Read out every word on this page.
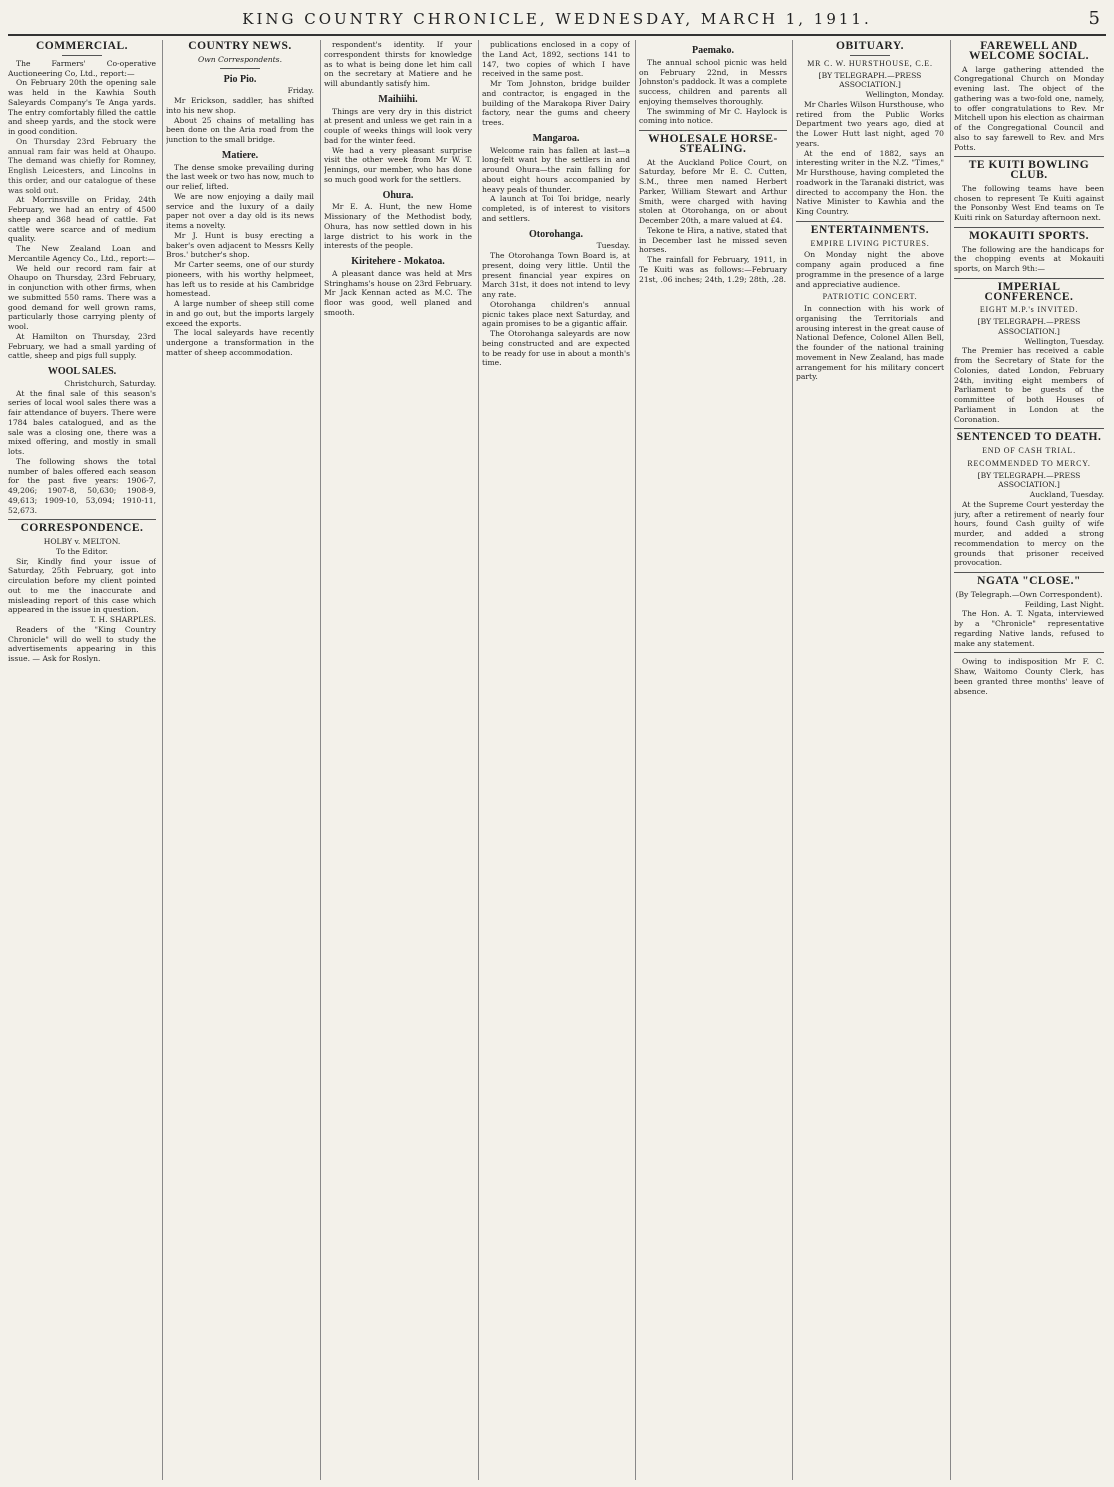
KING COUNTRY CHRONICLE, WEDNESDAY, MARCH 1, 1911.	5
COMMERCIAL.

The Farmers' Co-operative Auctioneering Co, Ltd., report:—

On February 20th the opening sale was held in the Kawhia South Saleyards Company's Te Anga yards. The entry comfortably filled the cattle and sheep yards, and the stock were in good condition.

On Thursday 23rd February the annual ram fair was held at Ohaupo. The demand was chiefly for Romney, English Leicesters, and Lincolns in this order, and our catalogue of these was sold out.

At Morrinsville on Friday, 24th February, we had an entry of 4500 sheep and 368 head of cattle. Fat cattle were scarce and of medium quality.

The New Zealand Loan and Mercantile Agency Co., Ltd., report:—

We held our record ram fair at Ohaupo on Thursday, 23rd February, in conjunction with other firms, when we submitted 550 rams. There was a good demand for well grown rams, particularly those carrying plenty of wool.

At Hamilton on Thursday, 23rd February, we had a small yarding of cattle, sheep and pigs full supply.

WOOL SALES.
Christchurch, Saturday.

At the final sale of this season's series of local wool sales there was a fair attendance of buyers. There were 1784 bales catalogued, and as the sale was a closing one, there was a mixed offering, and mostly in small lots.

The following shows the total number of bales offered each season for the past five years: 1906-7, 49,206; 1907-8, 50,630; 1908-9, 49,613; 1909-10, 53,094; 1910-11, 52,673.

CORRESPONDENCE.
HOLBY v. MELTON.
To the Editor.

Sir, Kindly find your issue of Saturday, 25th February, got into circulation before my client pointed out to me the inaccurate and misleading report of this case which appeared in the issue in question.

T. H. SHARPLES.

Readers of the "King Country Chronicle" will do well to study the advertisements appearing in this issue. — Ask for Roslyn.

COUNTRY NEWS.
Own Correspondents.
Pio Pio.
Friday.

Mr Erickson, saddler, has shifted into his new shop.

About 25 chains of metalling has been done on the Aria road from the junction to the small bridge.

Matiere.

The dense smoke prevailing during the last week or two has now, much to our relief, lifted.

We are now enjoying a daily mail service and the luxury of a daily paper not over a day old is its news items a novelty.

Mr J. Hunt is busy erecting a baker's oven adjacent to Messrs Kelly Bros.' butcher's shop.

Mr Carter seems, one of our sturdy pioneers, with his worthy helpmeet, has left us to reside at his Cambridge homestead.

A large number of sheep still come in and go out, but the imports largely exceed the exports.

The local saleyards have recently undergone a transformation in the matter of sheep accommodation.

respondent's identity. If your correspondent thirsts for knowledge as to what is being done let him call on the secretary at Matiere and he will abundantly satisfy him.

Maihiihi.

Things are very dry in this district at present and unless we get rain in a couple of weeks things will look very bad for the winter feed.

We had a very pleasant surprise visit the other week from Mr W. T. Jennings, our member, who has done so much good work for the settlers.

Ohura.

Mr E. A. Hunt, the new Home Missionary of the Methodist body, Ohura, has now settled down in his large district to his work in the interests of the people.

Kiritehere - Mokatoa.

A pleasant dance was held at Mrs Stringhams's house on 23rd February. Mr Jack Kennan acted as M.C. The floor was good, well planed and smooth.

publications enclosed in a copy of the Land Act, 1892, sections 141 to 147, two copies of which I have received in the same post.

Mr Tom Johnston, bridge builder and contractor, is engaged in the building of the Marakopa River Dairy factory, near the gums and cheery trees.

Mangaroa.

Welcome rain has fallen at last—a long-felt want by the settlers in and around Ohura—the rain falling for about eight hours accompanied by heavy peals of thunder.

A launch at Toi Toi bridge, nearly completed, is of interest to visitors and settlers.

Otorohanga.
Tuesday.

The Otorohanga Town Board is, at present, doing very little. Until the present financial year expires on March 31st, it does not intend to levy any rate.

Otorohanga children's annual picnic takes place next Saturday, and again promises to be a gigantic affair.

The Otorohanga saleyards are now being constructed and are expected to be ready for use in about a month's time.

Paemako.

The annual school picnic was held on February 22nd, in Messrs Johnston's paddock. It was a complete success, children and parents all enjoying themselves thoroughly.

The swimming of Mr C. Haylock is coming into notice.

WHOLESALE HORSE-STEALING.

At the Auckland Police Court, on Saturday, before Mr E. C. Cutten, S.M., three men named Herbert Parker, William Stewart and Arthur Smith, were charged with having stolen at Otorohanga, on or about December 20th, a mare valued at £4.

Tekone te Hira, a native, stated that in December last he missed seven horses.

The rainfall for February, 1911, in Te Kuiti was as follows:—February 21st, .06 inches; 24th, 1.29; 28th, .28.

OBITUARY.
MR C. W. HURSTHOUSE, C.E.
[BY TELEGRAPH.—PRESS ASSOCIATION.]
Wellington, Monday.

Mr Charles Wilson Hursthouse, who retired from the Public Works Department two years ago, died at the Lower Hutt last night, aged 70 years.

At the end of 1882, says an interesting writer in the N.Z. "Times," Mr Hursthouse, having completed the roadwork in the Taranaki district, was directed to accompany the Hon. the Native Minister to Kawhia and the King Country.

ENTERTAINMENTS.
EMPIRE LIVING PICTURES.

On Monday night the above company again produced a fine programme in the presence of a large and appreciative audience.

PATRIOTIC CONCERT.

In connection with his work of organising the Territorials and arousing interest in the great cause of National Defence, Colonel Allen Bell, the founder of the national training movement in New Zealand, has made arrangement for his military concert party.

FAREWELL AND WELCOME SOCIAL.

A large gathering attended the Congregational Church on Monday evening last. The object of the gathering was a two-fold one, namely, to offer congratulations to Rev. Mr Mitchell upon his election as chairman of the Congregational Council and also to say farewell to Rev. and Mrs Potts.

TE KUITI BOWLING CLUB.

The following teams have been chosen to represent Te Kuiti against the Ponsonby West End teams on Te Kuiti rink on Saturday afternoon next.

MOKAUITI SPORTS.

The following are the handicaps for the chopping events at Mokauiti sports, on March 9th:—

IMPERIAL CONFERENCE.
EIGHT M.P.'s INVITED.
[BY TELEGRAPH.—PRESS ASSOCIATION.]
Wellington, Tuesday.

The Premier has received a cable from the Secretary of State for the Colonies, dated London, February 24th, inviting eight members of Parliament to be guests of the committee of both Houses of Parliament in London at the Coronation.

SENTENCED TO DEATH.
END OF CASH TRIAL.
RECOMMENDED TO MERCY.
[BY TELEGRAPH.—PRESS ASSOCIATION.]
Auckland, Tuesday.

At the Supreme Court yesterday the jury, after a retirement of nearly four hours, found Cash guilty of wife murder, and added a strong recommendation to mercy on the grounds that prisoner received provocation.

NGATA "CLOSE."
(By Telegraph.—Own Correspondent).
Feilding, Last Night.

The Hon. A. T. Ngata, interviewed by a "Chronicle" representative regarding Native lands, refused to make any statement.

Owing to indisposition Mr F. C. Shaw, Waitomo County Clerk, has been granted three months' leave of absence.
